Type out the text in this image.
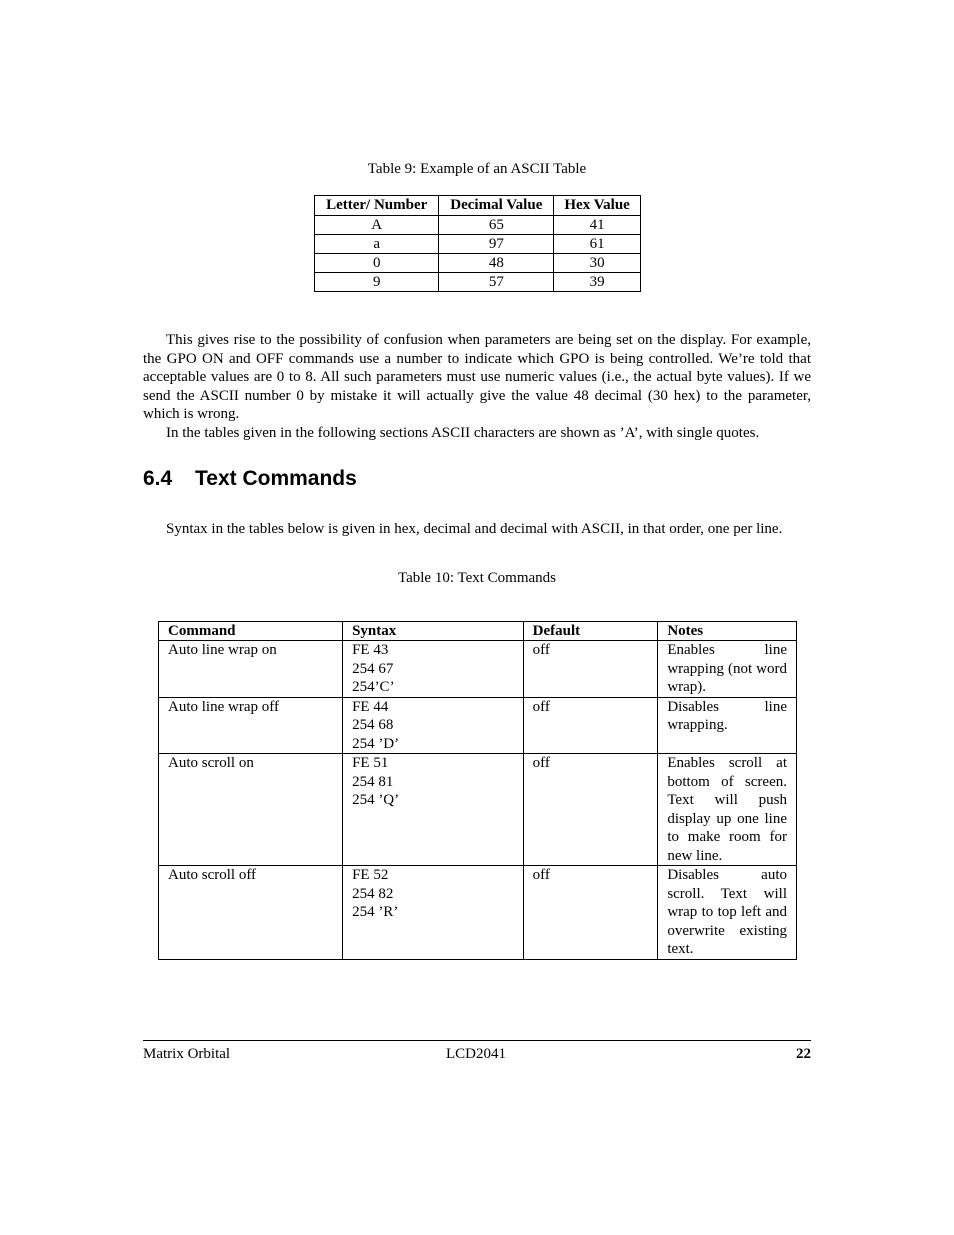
Table 9: Example of an ASCII Table
Letter/ Number	Decimal Value	Hex Value
A	65	41
a	97	61
0	48	30
9	57	39

This gives rise to the possibility of confusion when parameters are being set on the display. For example, the GPO ON and OFF commands use a number to indicate which GPO is being controlled. We’re told that acceptable values are 0 to 8. All such parameters must use numeric values (i.e., the actual byte values). If we send the ASCII number 0 by mistake it will actually give the value 48 decimal (30 hex) to the parameter, which is wrong.

In the tables given in the following sections ASCII characters are shown as ’A’, with single quotes.

6.4 Text Commands

Syntax in the tables below is given in hex, decimal and decimal with ASCII, in that order, one per line.

Table 10: Text Commands
Command	Syntax	Default	Notes
Auto line wrap on	FE 43
254 67
254’C’	off	Enables line wrapping (not word wrap).
Auto line wrap off	FE 44
254 68
254 ’D’	off	Disables line wrapping.
Auto scroll on	FE 51
254 81
254 ’Q’	off	Enables scroll at bottom of screen. Text will push display up one line to make room for new line.
Auto scroll off	FE 52
254 82
254 ’R’	off	Disables auto scroll. Text will wrap to top left and overwrite existing text.
Matrix Orbital	LCD2041	22
